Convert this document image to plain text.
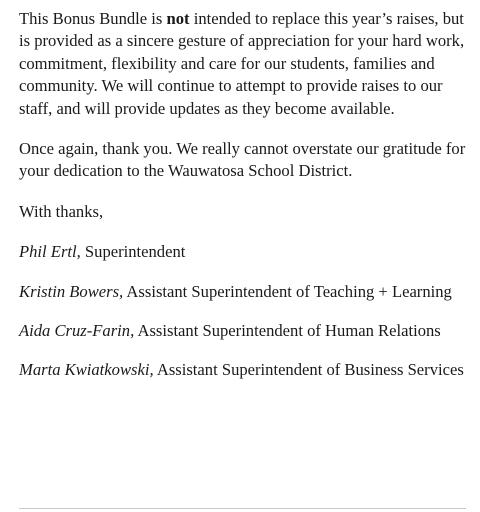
This Bonus Bundle is not intended to replace this year’s raises, but is provided as a sincere gesture of appreciation for your hard work, commitment, flexibility and care for our students, families and community. We will continue to attempt to provide raises to our staff, and will provide updates as they become available.

Once again, thank you. We really cannot overstate our gratitude for your dedication to the Wauwatosa School District.

With thanks,

Phil Ertl, Superintendent

Kristin Bowers, Assistant Superintendent of Teaching + Learning

Aida Cruz-Farin, Assistant Superintendent of Human Relations

Marta Kwiatkowski, Assistant Superintendent of Business Services
